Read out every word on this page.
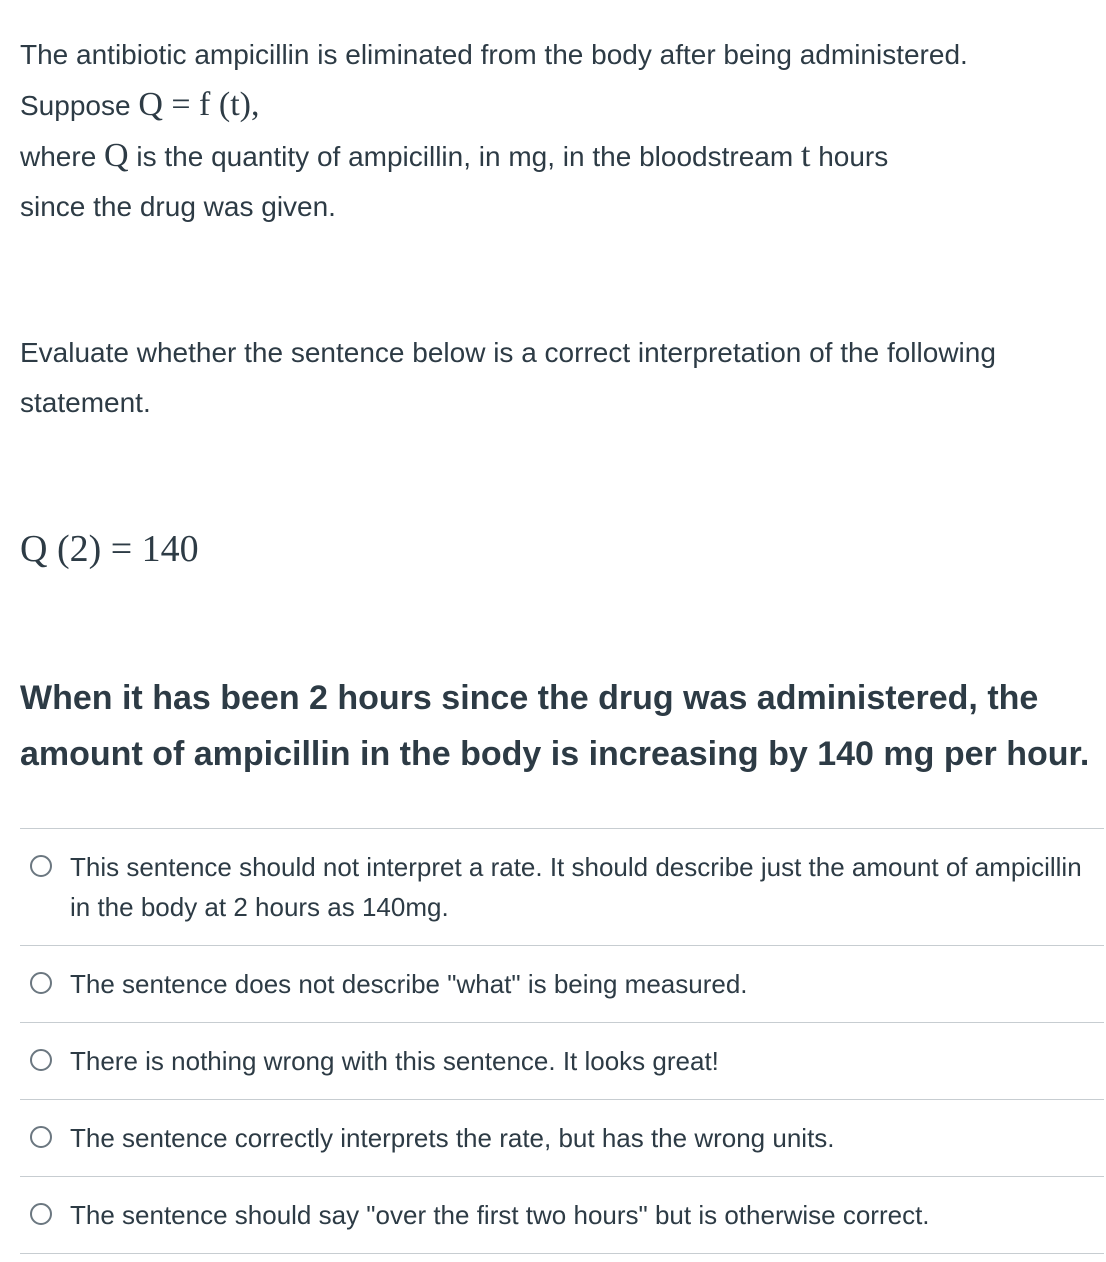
The antibiotic ampicillin is eliminated from the body after being administered.

Suppose Q = f (t),

where Q is the quantity of ampicillin, in mg, in the bloodstream t hours

since the drug was given.

Evaluate whether the sentence below is a correct interpretation of the following statement.

Q (2) = 140

When it has been 2 hours since the drug was administered, the amount of ampicillin in the body is increasing by 140 mg per hour.

This sentence should not interpret a rate. It should describe just the amount of ampicillin in the body at 2 hours as 140mg.
The sentence does not describe "what" is being measured.
There is nothing wrong with this sentence. It looks great!
The sentence correctly interprets the rate, but has the wrong units.
The sentence should say "over the first two hours" but is otherwise correct.
